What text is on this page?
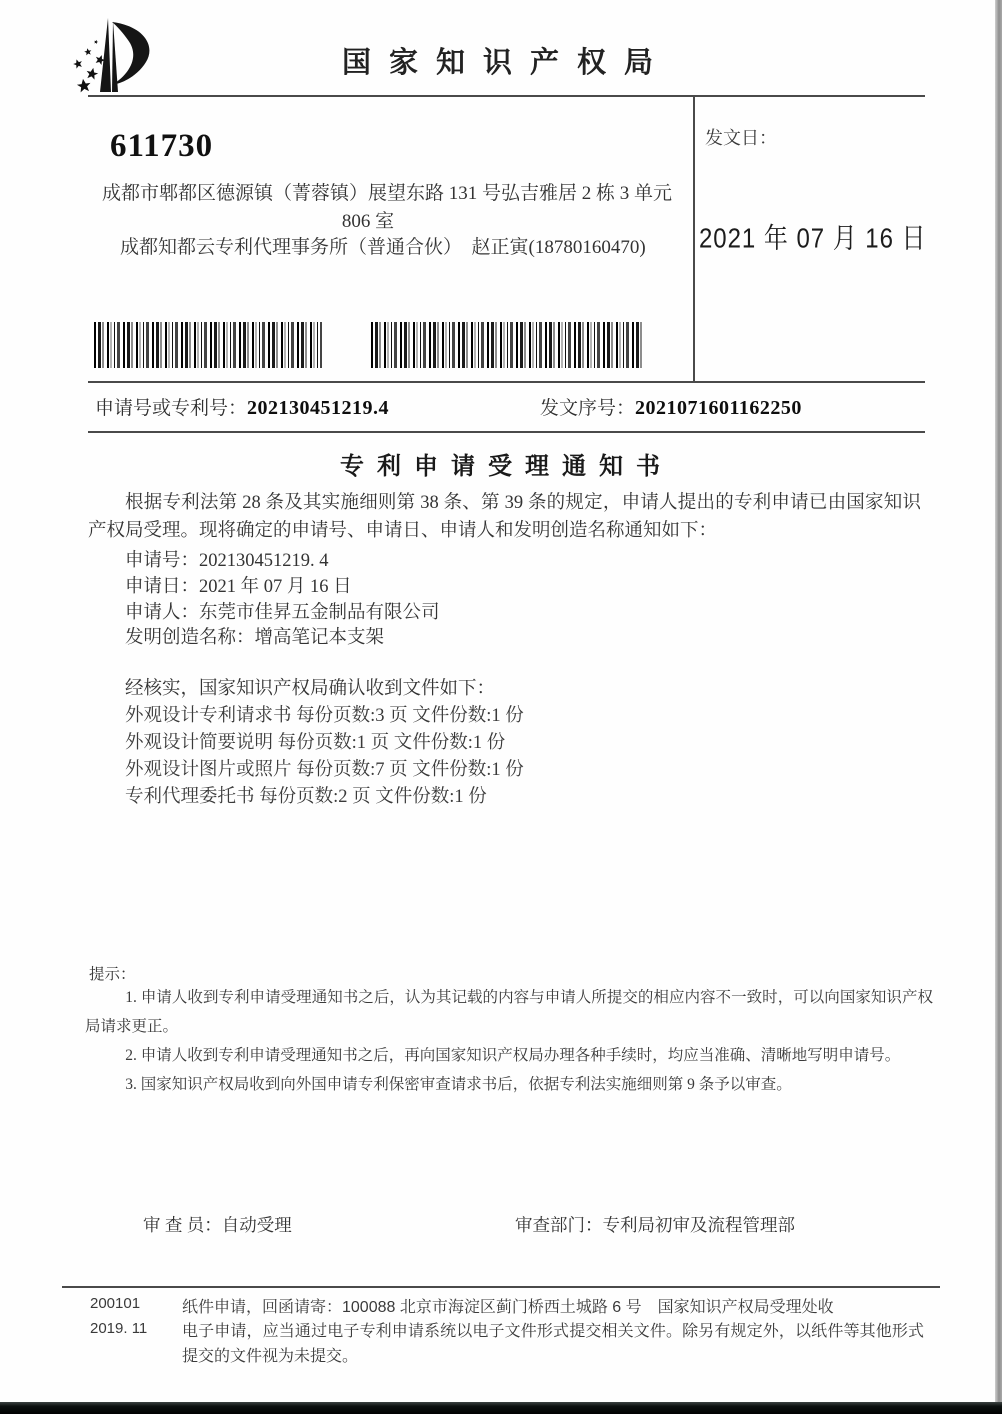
国家知识产权局
611730
成都市郫都区德源镇（菁蓉镇）展望东路 131 号弘吉雅居 2 栋 3 单元
806 室
成都知都云专利代理事务所（普通合伙）　赵正寅(18780160470)
发文日：
2021 年 07 月 16 日
申请号或专利号：202130451219.4	发文序号：2021071601162250
专利申请受理通知书

根据专利法第 28 条及其实施细则第 38 条、第 39 条的规定，申请人提出的专利申请已由国家知识产权局受理。现将确定的申请号、申请日、申请人和发明创造名称通知如下：

申请号：202130451219. 4
申请日：2021 年 07 月 16 日
申请人：东莞市佳昇五金制品有限公司
发明创造名称：增高笔记本支架
经核实，国家知识产权局确认收到文件如下：
外观设计专利请求书 每份页数:3 页 文件份数:1 份
外观设计简要说明 每份页数:1 页 文件份数:1 份
外观设计图片或照片 每份页数:7 页 文件份数:1 份
专利代理委托书 每份页数:2 页 文件份数:1 份
提示：

1. 申请人收到专利申请受理通知书之后，认为其记载的内容与申请人所提交的相应内容不一致时，可以向国家知识产权局请求更正。

2. 申请人收到专利申请受理通知书之后，再向国家知识产权局办理各种手续时，均应当准确、清晰地写明申请号。

3. 国家知识产权局收到向外国申请专利保密审查请求书后，依据专利法实施细则第 9 条予以审查。

审 查 员：自动受理	审查部门：专利局初审及流程管理部
200101
2019. 11
纸件申请，回函请寄：100088 北京市海淀区蓟门桥西土城路 6 号　国家知识产权局受理处收
电子申请，应当通过电子专利申请系统以电子文件形式提交相关文件。除另有规定外，以纸件等其他形式提交的文件视为未提交。
